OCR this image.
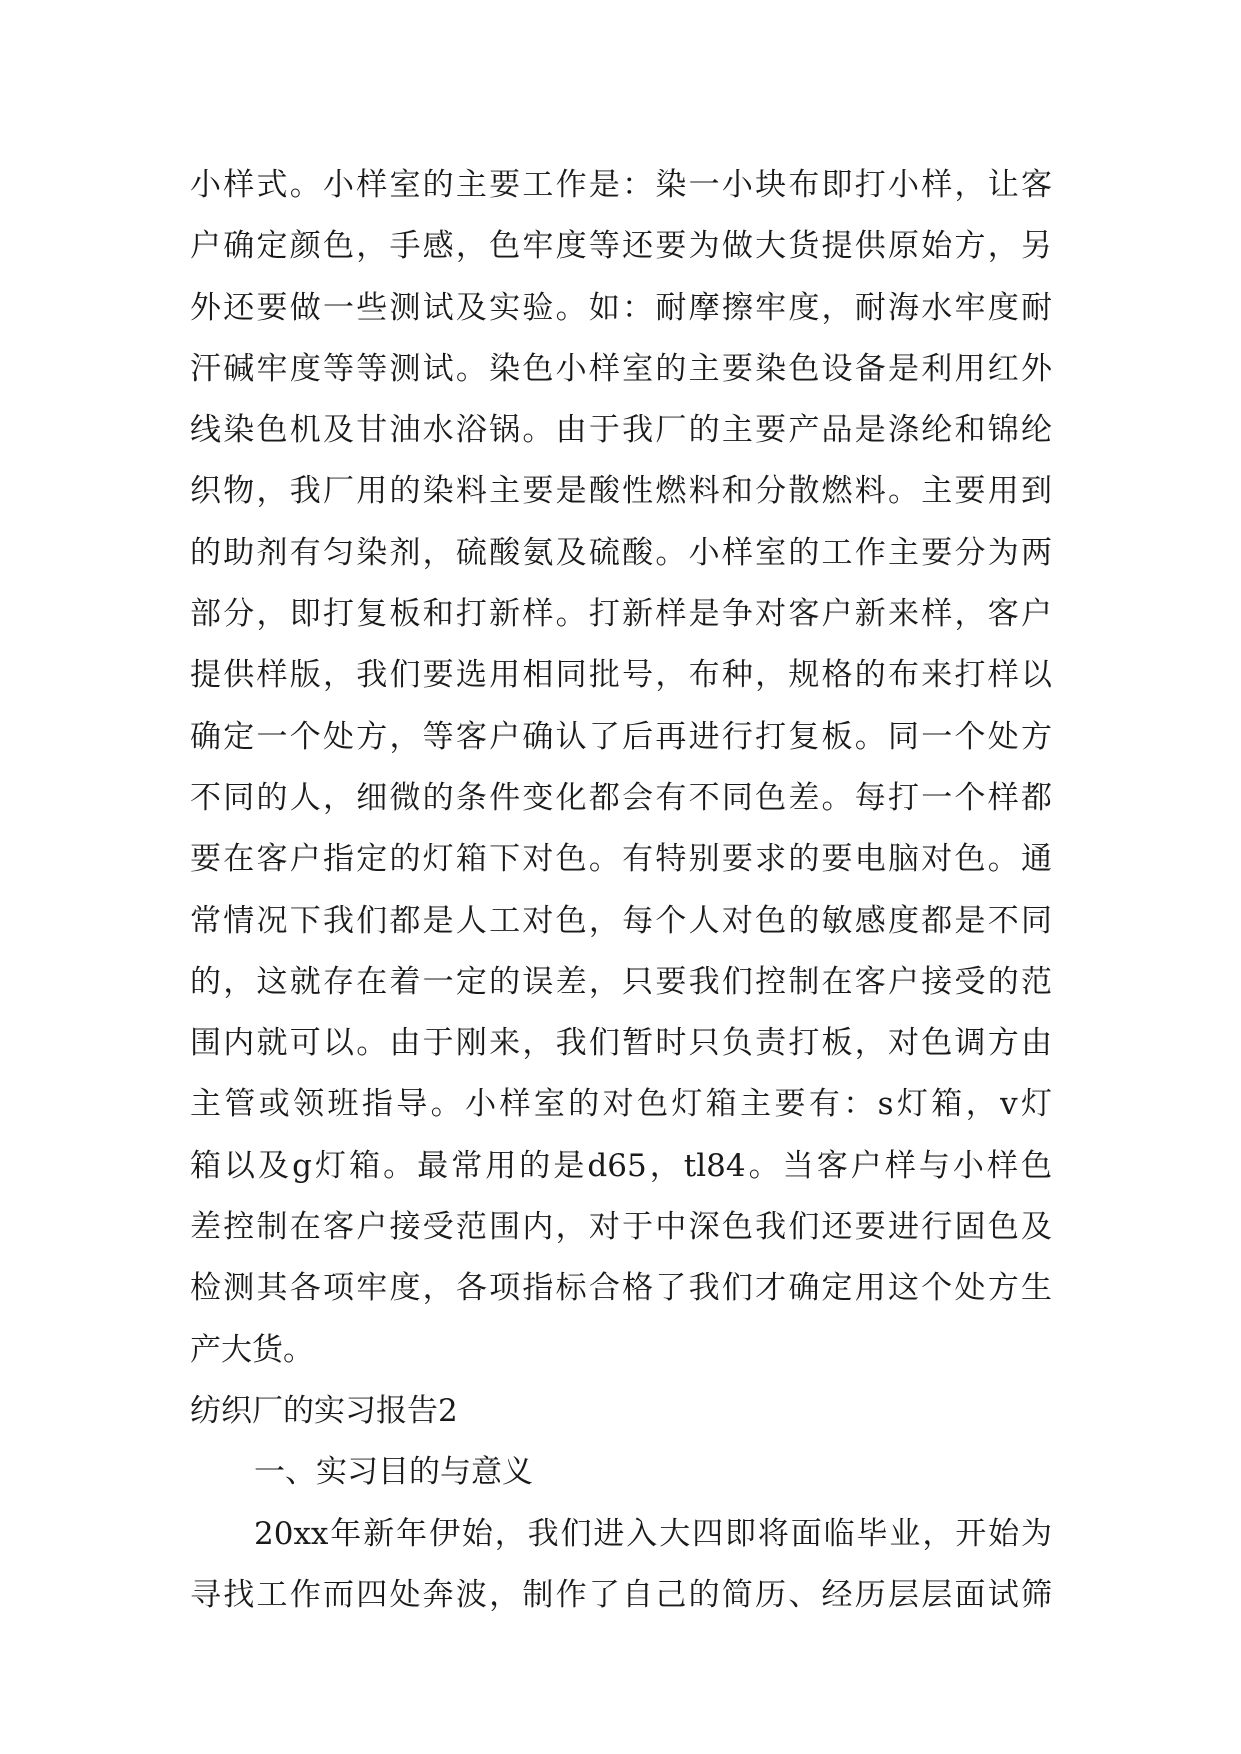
小样式。小样室的主要工作是：染一小块布即打小样，让客
户确定颜色，手感，色牢度等还要为做大货提供原始方，另
外还要做一些测试及实验。如：耐摩擦牢度，耐海水牢度耐
汗碱牢度等等测试。染色小样室的主要染色设备是利用红外
线染色机及甘油水浴锅。由于我厂的主要产品是涤纶和锦纶
织物，我厂用的染料主要是酸性燃料和分散燃料。主要用到
的助剂有匀染剂，硫酸氨及硫酸。小样室的工作主要分为两
部分，即打复板和打新样。打新样是争对客户新来样，客户
提供样版，我们要选用相同批号，布种，规格的布来打样以
确定一个处方，等客户确认了后再进行打复板。同一个处方
不同的人，细微的条件变化都会有不同色差。每打一个样都
要在客户指定的灯箱下对色。有特别要求的要电脑对色。通
常情况下我们都是人工对色，每个人对色的敏感度都是不同
的，这就存在着一定的误差，只要我们控制在客户接受的范
围内就可以。由于刚来，我们暂时只负责打板，对色调方由
主管或领班指导。小样室的对色灯箱主要有：s灯箱，v灯
箱以及g灯箱。最常用的是d65，tl84。当客户样与小样色
差控制在客户接受范围内，对于中深色我们还要进行固色及
检测其各项牢度，各项指标合格了我们才确定用这个处方生
产大货。
纺织厂的实习报告2
一、实习目的与意义
20xx年新年伊始，我们进入大四即将面临毕业，开始为
寻找工作而四处奔波，制作了自己的简历、经历层层面试筛
